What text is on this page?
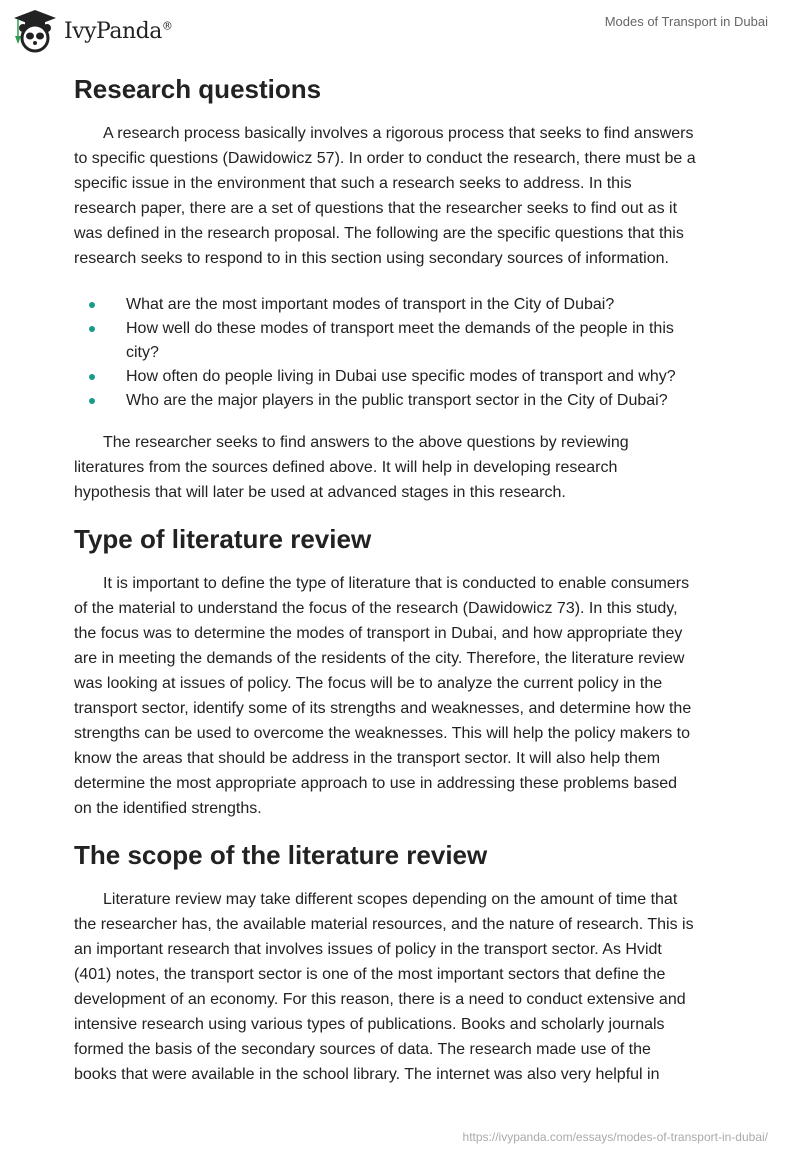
IvyPanda®	Modes of Transport in Dubai
Research questions

A research process basically involves a rigorous process that seeks to find answers
to specific questions (Dawidowicz 57). In order to conduct the research, there must be a
specific issue in the environment that such a research seeks to address. In this
research paper, there are a set of questions that the researcher seeks to find out as it
was defined in the research proposal. The following are the specific questions that this
research seeks to respond to in this section using secondary sources of information.

What are the most important modes of transport in the City of Dubai?
How well do these modes of transport meet the demands of the people in this
city?
How often do people living in Dubai use specific modes of transport and why?
Who are the major players in the public transport sector in the City of Dubai?

The researcher seeks to find answers to the above questions by reviewing
literatures from the sources defined above. It will help in developing research
hypothesis that will later be used at advanced stages in this research.

Type of literature review

It is important to define the type of literature that is conducted to enable consumers
of the material to understand the focus of the research (Dawidowicz 73). In this study,
the focus was to determine the modes of transport in Dubai, and how appropriate they
are in meeting the demands of the residents of the city. Therefore, the literature review
was looking at issues of policy. The focus will be to analyze the current policy in the
transport sector, identify some of its strengths and weaknesses, and determine how the
strengths can be used to overcome the weaknesses. This will help the policy makers to
know the areas that should be address in the transport sector. It will also help them
determine the most appropriate approach to use in addressing these problems based
on the identified strengths.

The scope of the literature review

Literature review may take different scopes depending on the amount of time that
the researcher has, the available material resources, and the nature of research. This is
an important research that involves issues of policy in the transport sector. As Hvidt
(401) notes, the transport sector is one of the most important sectors that define the
development of an economy. For this reason, there is a need to conduct extensive and
intensive research using various types of publications. Books and scholarly journals
formed the basis of the secondary sources of data. The research made use of the
books that were available in the school library. The internet was also very helpful in

https://ivypanda.com/essays/modes-of-transport-in-dubai/
